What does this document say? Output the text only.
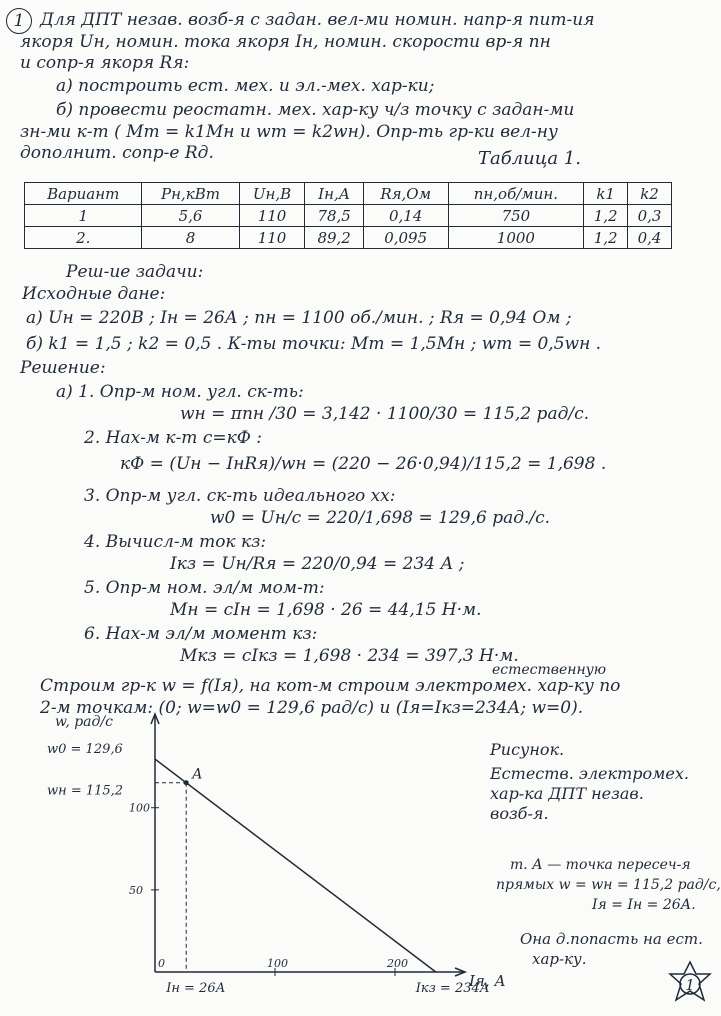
1 Для ДПТ незав. возб-я с задан. вел-ми номин. напр-я пит-ия
якоря Uн, номин. тока якоря Iн, номин. скорости вр-я nн
и сопр-я якоря Rя:
а) построить ест. мех. и эл.-мех. хар-ки;
б) провести реостатн. мех. хар-ку ч/з точку с задан-ми
зн-ми к-т ( Mт = k1Mн и wт = k2wн). Опр-ть гр-ки вел-ну
дополнит. сопр-е Rд.	Таблица 1.
Вариант	Pн,кВт	Uн,В	Iн,А	Rя,Ом	nн,об/мин.	k1	k2
1	5,6	110	78,5	0,14	750	1,2	0,3
2.	8	110	89,2	0,095	1000	1,2	0,4
Реш-ие задачи:
Исходные дане:
а) Uн = 220В ; Iн = 26А ; nн = 1100 об./мин. ; Rя = 0,94 Ом ;
б) k1 = 1,5 ; k2 = 0,5 . К-ты точки: Mт = 1,5Mн ; wт = 0,5wн .
Решение:
а) 1. Опр-м ном. угл. ск-ть:
wн = πnн /30 = 3,142 · 1100/30 = 115,2 рад/с.
2. Нах-м к-т с=кФ :
кФ = (Uн − IнRя)/wн = (220 − 26·0,94)/115,2 = 1,698 .
3. Опр-м угл. ск-ть идеального хх:
w0 = Uн/c = 220/1,698 = 129,6 рад./с.
4. Вычисл-м ток кз:
Iкз = Uн/Rя = 220/0,94 = 234 А ;
5. Опр-м ном. эл/м мом-т:
Mн = cIн = 1,698 · 26 = 44,15 Н·м.
6. Нах-м эл/м момент кз:
Mкз = cIкз = 1,698 · 234 = 397,3 Н·м.
естественную
Строим гр-к w = f(Iя), на кот-м строим электромех. хар-ку по
2-м точкам: (0; w=w0 = 129,6 рад/с) и (Iя=Iкз=234А; w=0).
w, рад/с
Iя, А
50
100
0	100	200
A
w0 = 129,6
wн = 115,2
Iн = 26А	Iкз = 234А
Рисунок.
Естеств. электромех.
хар-ка ДПТ незав.
возб-я.
т. А — точка пересеч-я
прямых w = wн = 115,2 рад/с,
Iя = Iн = 26А.
Она д.попасть на ест.
хар-ку.
1
